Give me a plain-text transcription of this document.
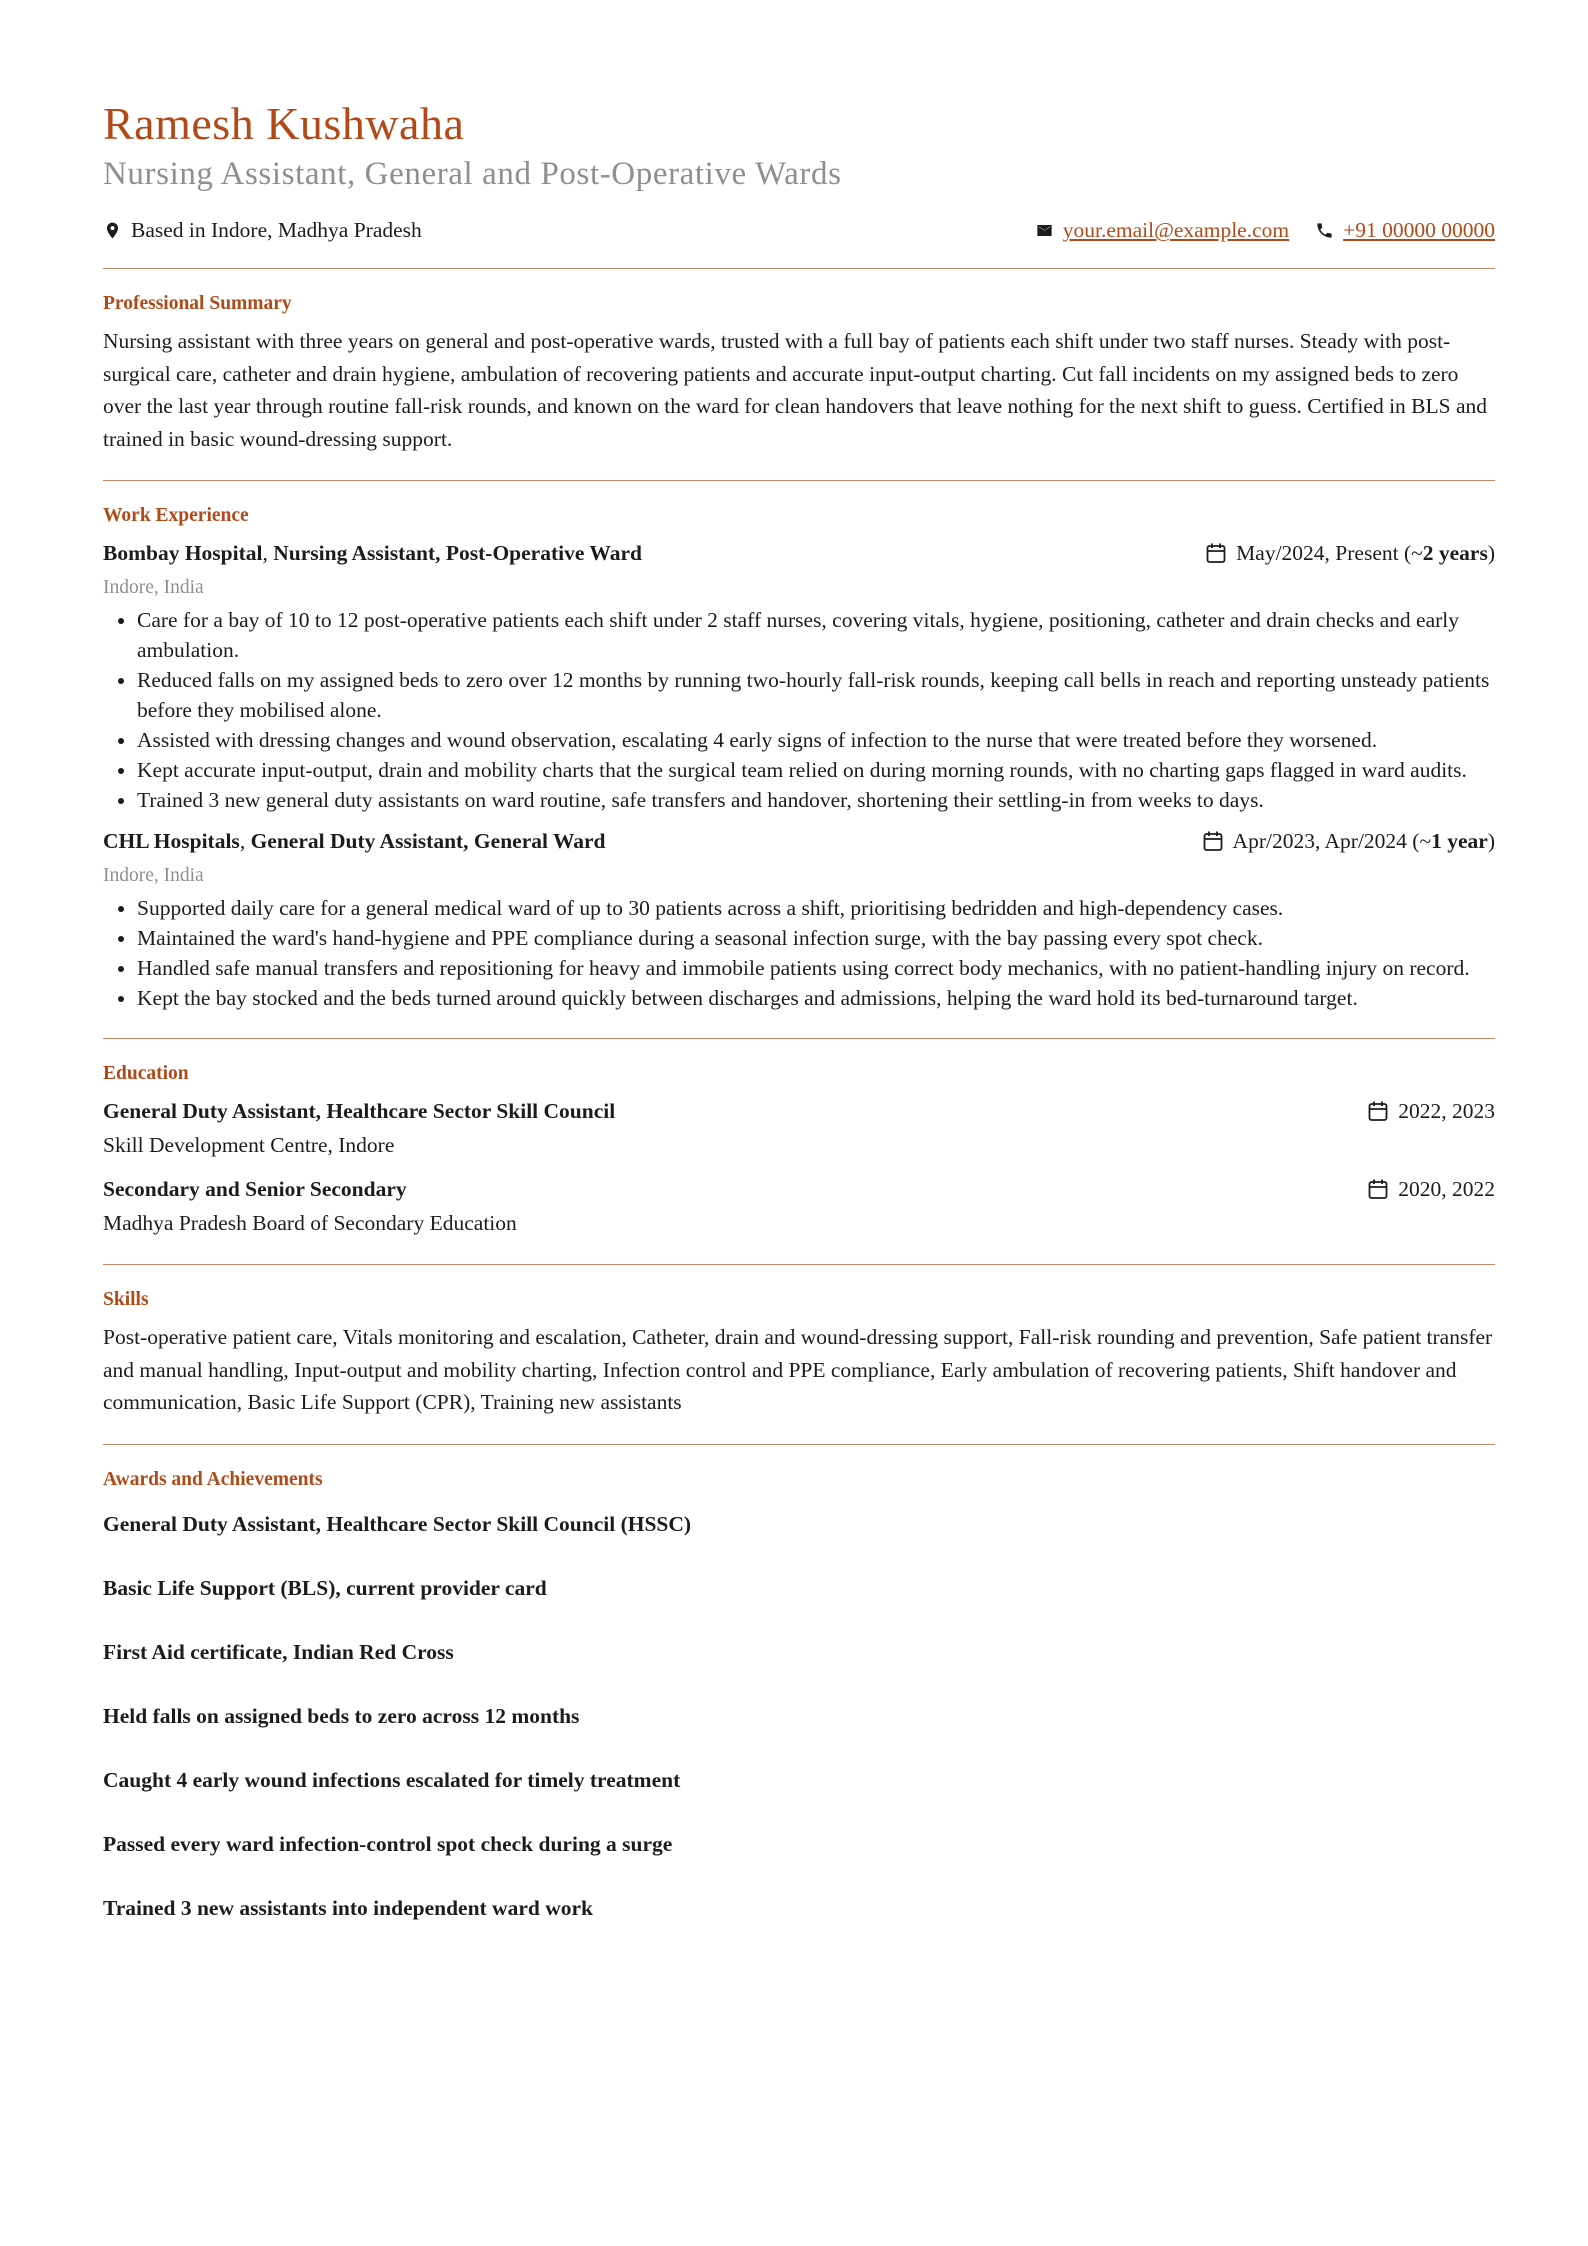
Ramesh Kushwaha
Nursing Assistant, General and Post-Operative Wards
Based in Indore, Madhya Pradesh	your.email@example.com	+91 00000 00000
Professional Summary

Nursing assistant with three years on general and post-operative wards, trusted with a full bay of patients each shift under two staff nurses. Steady with post-surgical care, catheter and drain hygiene, ambulation of recovering patients and accurate input-output charting. Cut fall incidents on my assigned beds to zero over the last year through routine fall-risk rounds, and known on the ward for clean handovers that leave nothing for the next shift to guess. Certified in BLS and trained in basic wound-dressing support.

Work Experience
Bombay Hospital, Nursing Assistant, Post-Operative Ward	May/2024, Present (~ 2 years )
Indore, India
• Care for a bay of 10 to 12 post-operative patients each shift under 2 staff nurses, covering vitals, hygiene, positioning, catheter and drain checks and early ambulation.
• Reduced falls on my assigned beds to zero over 12 months by running two-hourly fall-risk rounds, keeping call bells in reach and reporting unsteady patients before they mobilised alone.
• Assisted with dressing changes and wound observation, escalating 4 early signs of infection to the nurse that were treated before they worsened.
• Kept accurate input-output, drain and mobility charts that the surgical team relied on during morning rounds, with no charting gaps flagged in ward audits.
• Trained 3 new general duty assistants on ward routine, safe transfers and handover, shortening their settling-in from weeks to days.
CHL Hospitals, General Duty Assistant, General Ward	Apr/2023, Apr/2024 (~ 1 year )
Indore, India
• Supported daily care for a general medical ward of up to 30 patients across a shift, prioritising bedridden and high-dependency cases.
• Maintained the ward's hand-hygiene and PPE compliance during a seasonal infection surge, with the bay passing every spot check.
• Handled safe manual transfers and repositioning for heavy and immobile patients using correct body mechanics, with no patient-handling injury on record.
• Kept the bay stocked and the beds turned around quickly between discharges and admissions, helping the ward hold its bed-turnaround target.
Education
General Duty Assistant, Healthcare Sector Skill Council	2022, 2023
Skill Development Centre, Indore
Secondary and Senior Secondary	2020, 2022
Madhya Pradesh Board of Secondary Education
Skills

Post-operative patient care, Vitals monitoring and escalation, Catheter, drain and wound-dressing support, Fall-risk rounding and prevention, Safe patient transfer and manual handling, Input-output and mobility charting, Infection control and PPE compliance, Early ambulation of recovering patients, Shift handover and communication, Basic Life Support (CPR), Training new assistants

Awards and Achievements

General Duty Assistant, Healthcare Sector Skill Council (HSSC)

Basic Life Support (BLS), current provider card

First Aid certificate, Indian Red Cross

Held falls on assigned beds to zero across 12 months

Caught 4 early wound infections escalated for timely treatment

Passed every ward infection-control spot check during a surge

Trained 3 new assistants into independent ward work
